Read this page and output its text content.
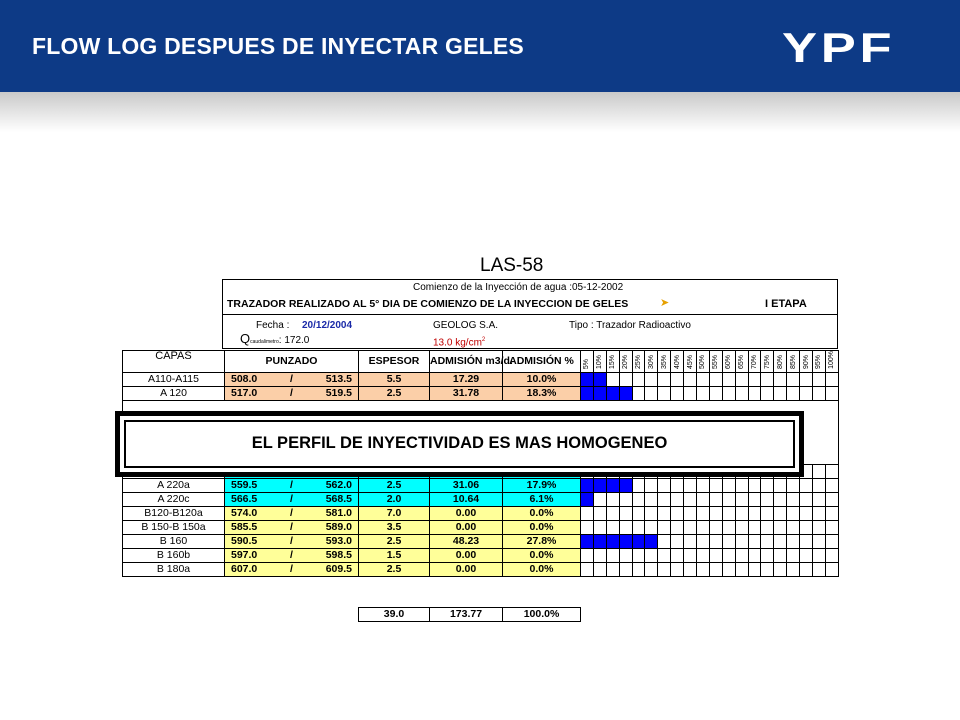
FLOW LOG DESPUES DE INYECTAR GELES	YPF
LAS-58
Comienzo de la Inyección de agua :05-12-2002
TRAZADOR REALIZADO AL 5° DIA DE COMIENZO DE LA INYECCION DE GELES	➤	I ETAPA
Fecha : 20/12/2004	GEOLOG S.A.	Tipo : Trazador Radioactivo
Qcaudalimetro: 172.0	13.0 $kg/cm^2$
CAPAS	PUNZADO	ESPESOR	ADMISIÓN m3/d.	ADMISIÓN %	5%	10%	15%	20%	25%	30%	35%	40%	45%	50%	55%	60%	65%	70%	75%	80%	85%	90%	95%	100%
A110-A115	508.0 / 513.5	5.5	17.29	10.0%																				
A 120	517.0 / 519.5	2.5	31.78	18.3%																				

A 220a	559.5 / 562.0	2.5	31.06	17.9%																				
A 220c	566.5 / 568.5	2.0	10.64	6.1%																				
B120-B120a	574.0 / 581.0	7.0	0.00	0.0%																				
B 150-B 150a	585.5 / 589.0	3.5	0.00	0.0%																				
B 160	590.5 / 593.0	2.5	48.23	27.8%																				
B 160b	597.0 / 598.5	1.5	0.00	0.0%																				
B 180a	607.0 / 609.5	2.5	0.00	0.0%																				
39.0	173.77	100.0%
EL PERFIL DE INYECTIVIDAD ES MAS HOMOGENEO
